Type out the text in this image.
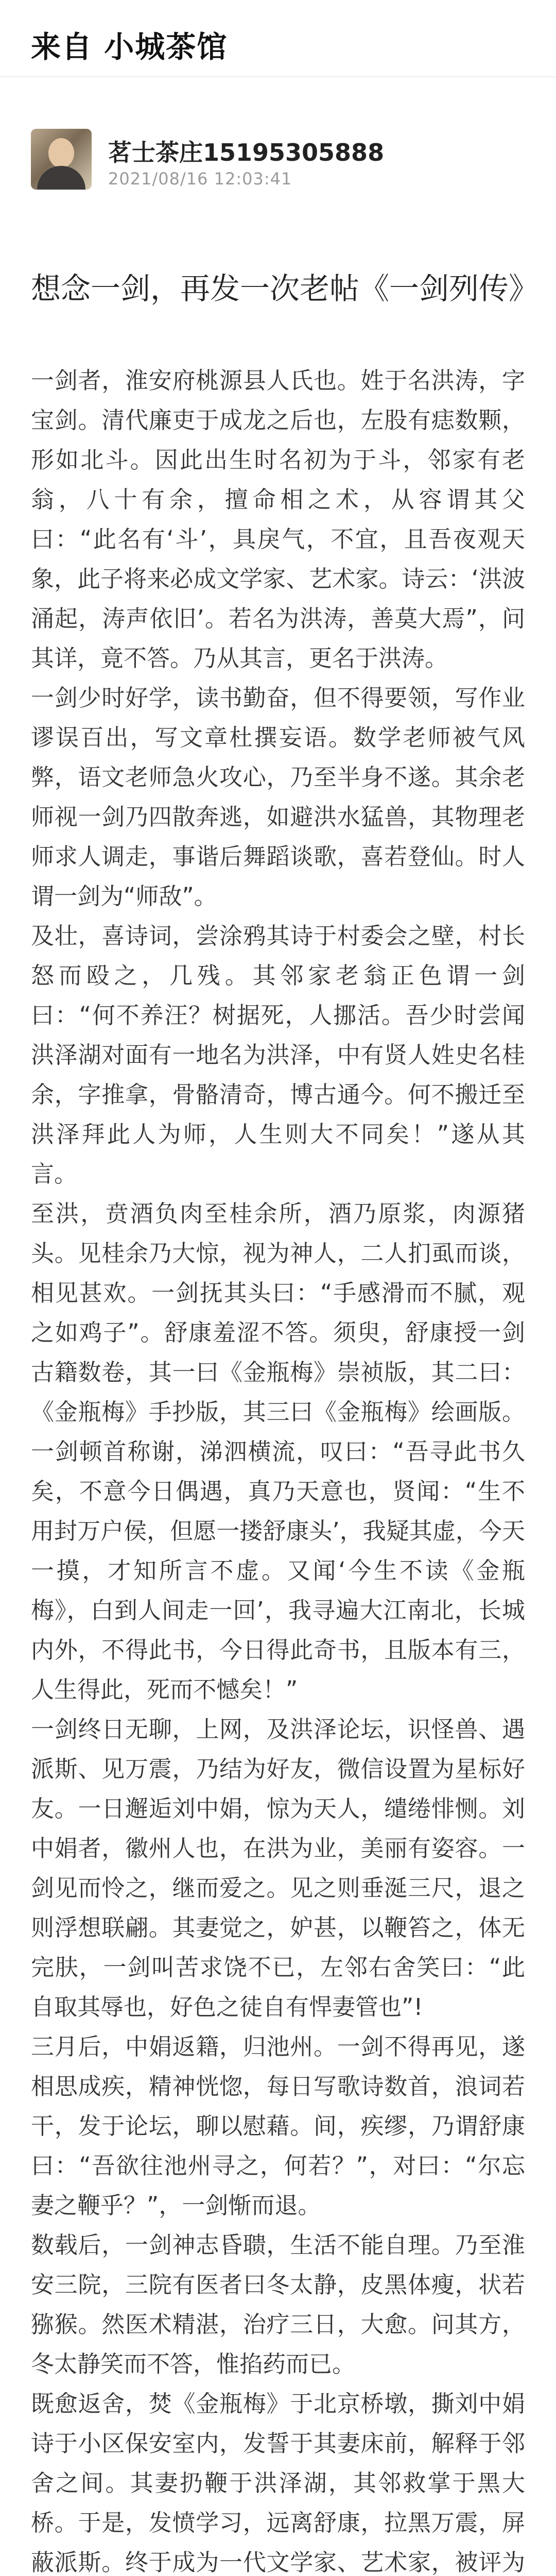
来自 小城茶馆
茗士茶庄15195305888
2021/08/16 12:03:41
想念一剑，再发一次老帖《一剑列传》

一剑者，淮安府桃源县人氏也。姓于名洪涛，字宝剑。清代廉吏于成龙之后也，左股有痣数颗，形如北斗。因此出生时名初为于斗，邻家有老翁，八十有余，擅命相之术，从容谓其父曰：“此名有‘斗’，具戾气，不宜，且吾夜观天象，此子将来必成文学家、艺术家。诗云：‘洪波涌起，涛声依旧’。若名为洪涛，善莫大焉”，问其详，竟不答。乃从其言，更名于洪涛。

一剑少时好学，读书勤奋，但不得要领，写作业谬误百出，写文章杜撰妄语。数学老师被气风弊，语文老师急火攻心，乃至半身不遂。其余老师视一剑乃四散奔逃，如避洪水猛兽，其物理老师求人调走，事谐后舞蹈谈歌，喜若登仙。时人谓一剑为“师敌”。

及壮，喜诗词，尝涂鸦其诗于村委会之壁，村长怒而殴之，几残。其邻家老翁正色谓一剑曰：“何不养汪？树据死，人挪活。吾少时尝闻洪泽湖对面有一地名为洪泽，中有贤人姓史名桂余，字推拿，骨骼清奇，博古通今。何不搬迁至洪泽拜此人为师，人生则大不同矣！”遂从其言。

至洪，贲酒负肉至桂余所，酒乃原浆，肉源猪头。见桂余乃大惊，视为神人，二人扪虱而谈，相见甚欢。一剑抚其头曰：“手感滑而不腻，观之如鸡子”。舒康羞涩不答。须臾，舒康授一剑古籍数卷，其一曰《金瓶梅》崇祯版，其二曰：《金瓶梅》手抄版，其三曰《金瓶梅》绘画版。一剑顿首称谢，涕泗横流，叹曰：“吾寻此书久矣，不意今日偶遇，真乃天意也，贤闻：“生不用封万户侯，但愿一搂舒康头’，我疑其虚，今天一摸，才知所言不虚。又闻‘今生不读《金瓶梅》，白到人间走一回’，我寻遍大江南北，长城内外，不得此书，今日得此奇书，且版本有三，人生得此，死而不憾矣！”

一剑终日无聊，上网，及洪泽论坛，识怪兽、遇派斯、见万震，乃结为好友，微信设置为星标好友。一日邂逅刘中娟，惊为天人，缱绻悱恻。刘中娟者，徽州人也，在洪为业，美丽有姿容。一剑见而怜之，继而爱之。见之则垂涎三尺，退之则浮想联翩。其妻觉之，妒甚，以鞭笞之，体无完肤，一剑叫苦求饶不已，左邻右舍笑曰：“此自取其辱也，好色之徒自有悍妻管也”!

三月后，中娟返籍，归池州。一剑不得再见，遂相思成疾，精神恍惚，每日写歌诗数首，浪词若干，发于论坛，聊以慰藉。间，疾缪，乃谓舒康曰：“吾欲往池州寻之，何若？”，对曰：“尔忘妻之鞭乎？”，一剑惭而退。

数载后，一剑神志昏聩，生活不能自理。乃至淮安三院，三院有医者曰冬太静，皮黑体瘦，状若猕猴。然医术精湛，治疗三日，大愈。问其方，冬太静笑而不答，惟掐药而已。

既愈返舍，焚《金瓶梅》于北京桥墩，撕刘中娟诗于小区保安室内，发誓于其妻床前，解释于邻舍之间。其妻扔鞭于洪泽湖，其邻救掌于黑大桥。于是，发愤学习，远离舒康，拉黑万震，屏蔽派斯。终于成为一代文学家、艺术家，被评为
